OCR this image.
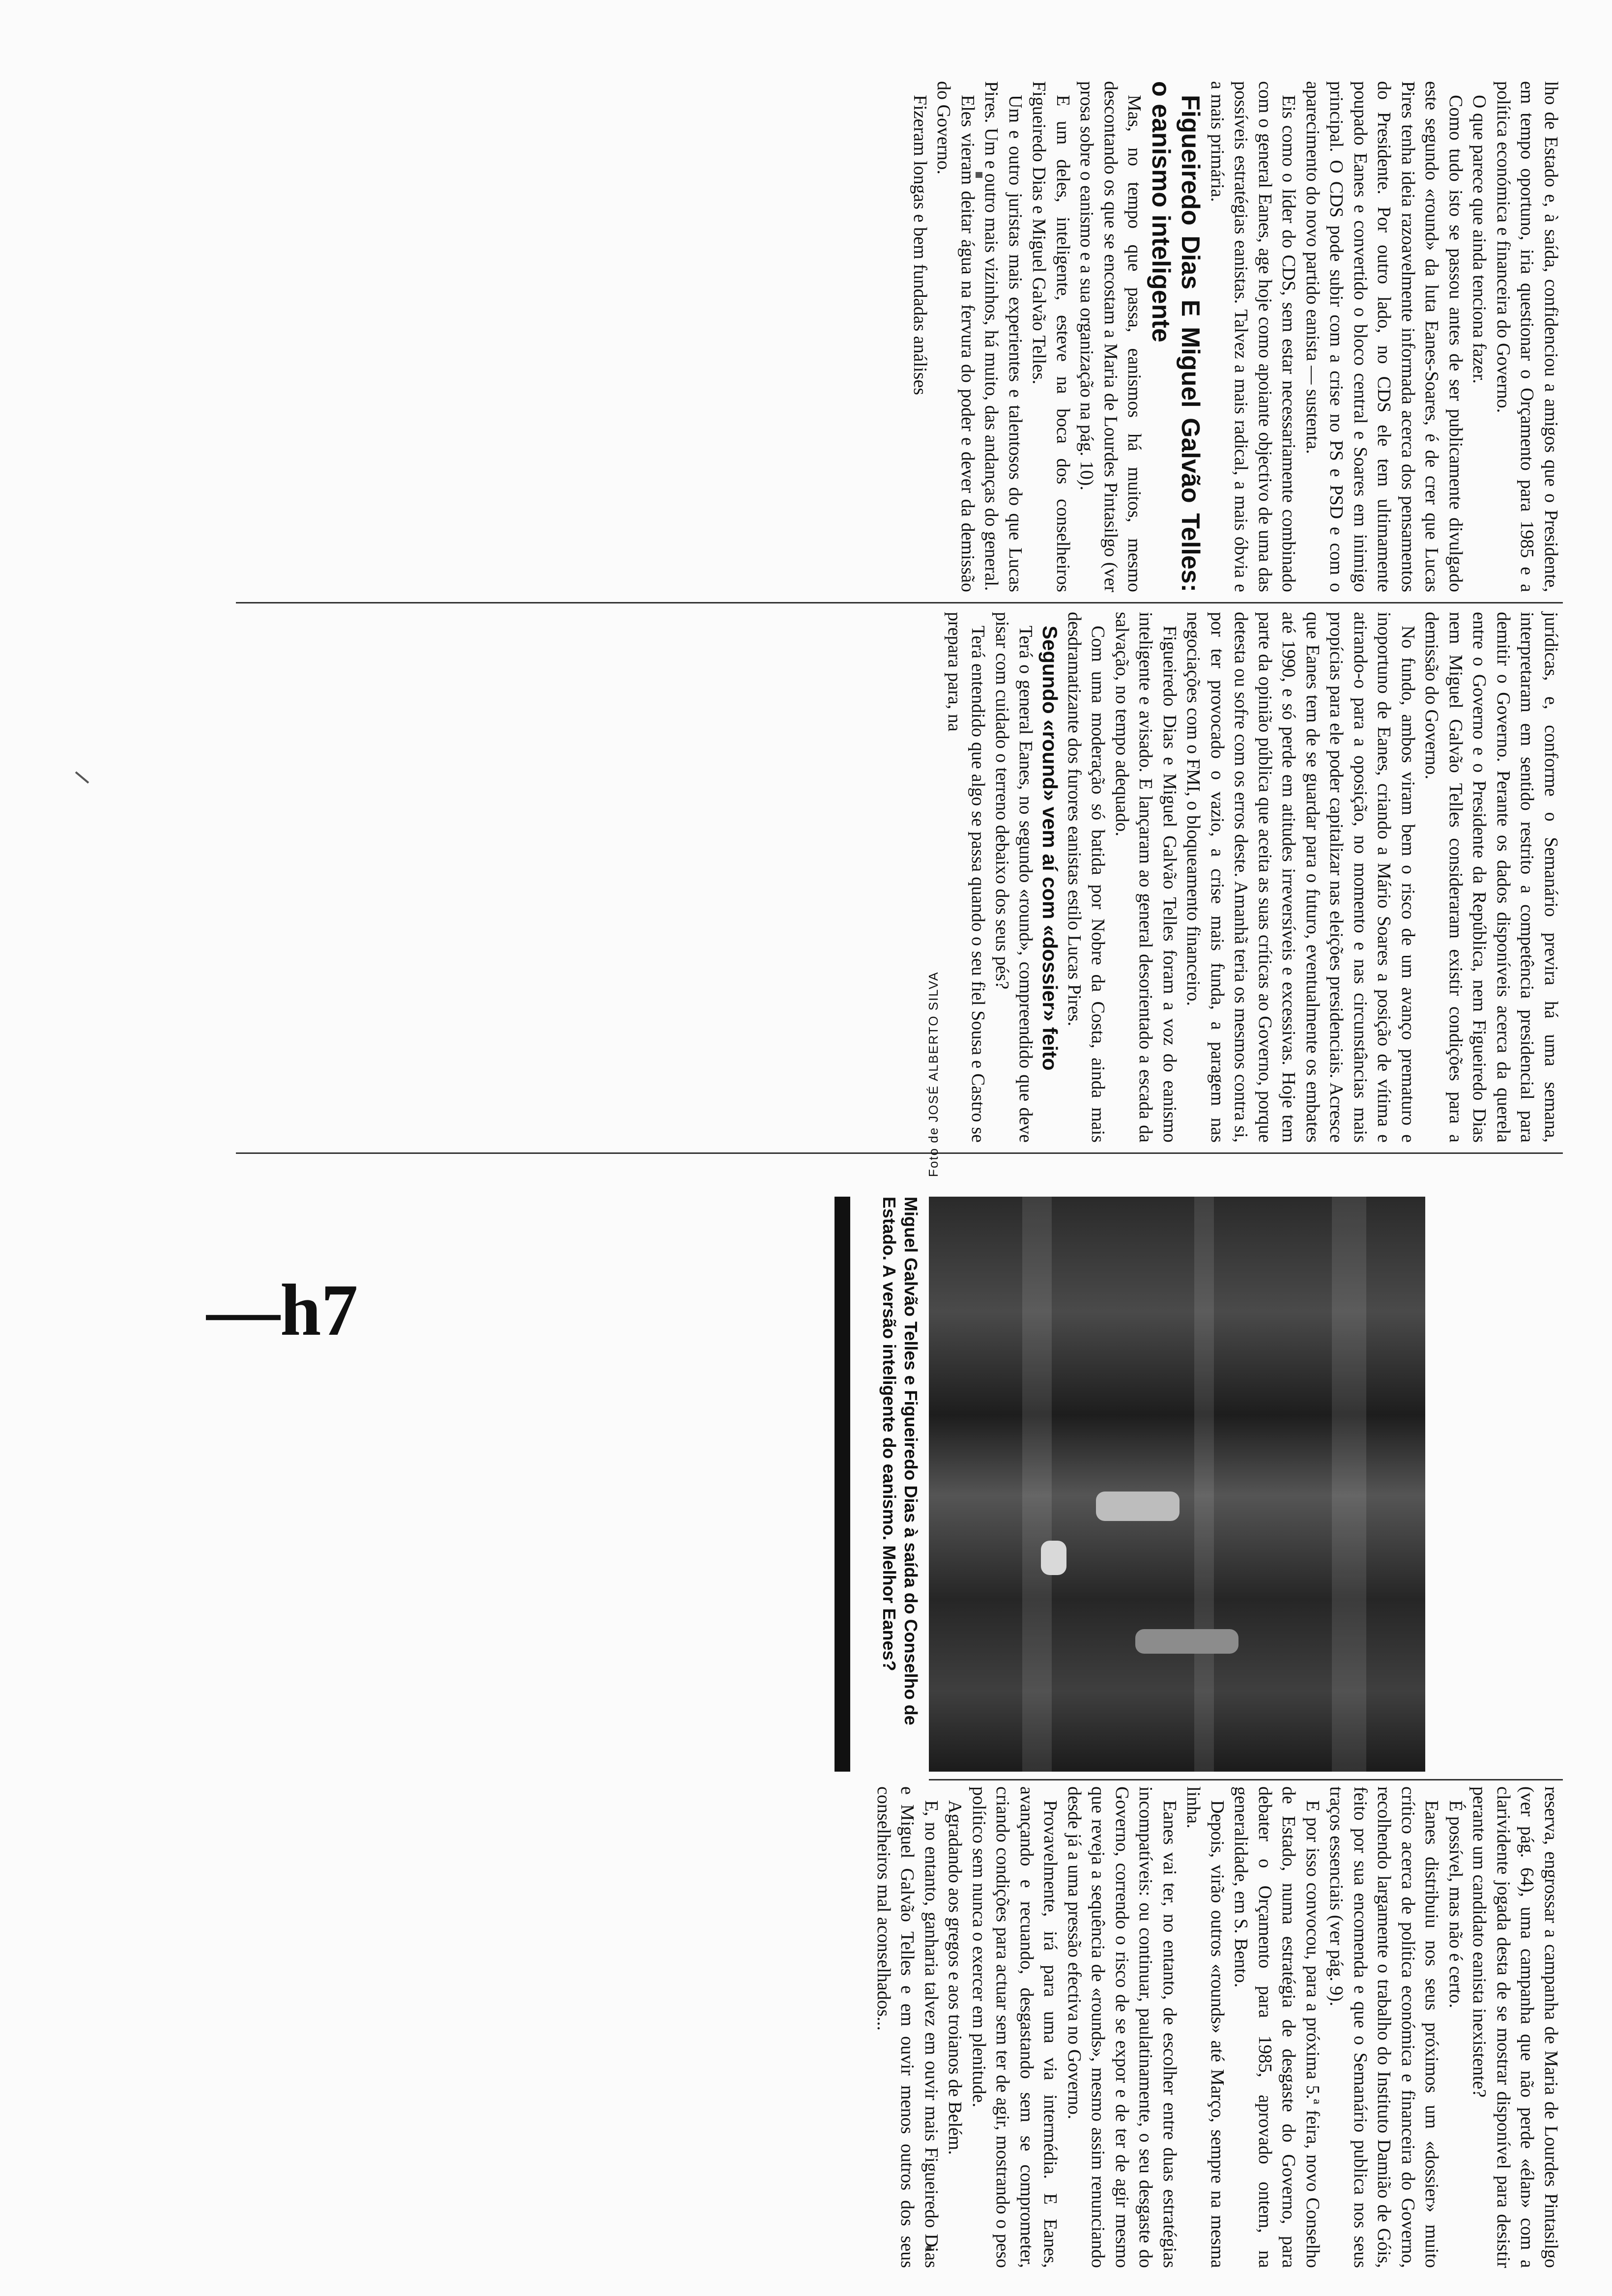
—h7

lho de Estado e, à saída, confidenciou a amigos que o Presidente, em tempo oportuno, iria questionar o Orçamento para 1985 e a política económica e financeira do Governo.

O que parece que ainda tenciona fazer.

Como tudo isto se passou antes de ser publicamente divulgado este segundo «round» da luta Eanes-Soares, é de crer que Lucas Pires tenha ideia razoavelmente informada acerca dos pensamentos do Presidente. Por outro lado, no CDS ele tem ultimamente poupado Eanes e convertido o bloco central e Soares em inimigo principal. O CDS pode subir com a crise no PS e PSD e com o aparecimento do novo partido eanista — sustenta.

Eis como o líder do CDS, sem estar necessariamente combinado com o general Eanes, age hoje como apoiante objectivo de uma das possíveis estratégias eanistas. Talvez a mais radical, a mais óbvia e a mais primária.

Figueiredo Dias E Miguel Galvão Telles: o eanismo inteligente

Mas, no tempo que passa, eanismos há muitos, mesmo descontando os que se encostam a Maria de Lourdes Pintasilgo (ver prosa sobre o eanismo e a sua organização na pág. 10).

E um deles, inteligente, esteve na boca dos conselheiros Figueiredo Dias e Miguel Galvão Telles.

Um e outro juristas mais experientes e talentosos do que Lucas Pires. Um e outro mais vizinhos, há muito, das andanças do general.

Eles vieram deitar água na fervura do poder e dever da demissão do Governo.

Fizeram longas e bem fundadas análises

jurídicas, e, conforme o Semanário previra há uma semana, interpretaram em sentido restrito a competência presidencial para demitir o Governo. Perante os dados disponíveis acerca da querela entre o Governo e o Presidente da República, nem Figueiredo Dias nem Miguel Galvão Telles consideraram existir condições para a demissão do Governo.

No fundo, ambos viram bem o risco de um avanço prematuro e inoportuno de Eanes, criando a Mário Soares a posição de vítima e atirando-o para a oposição, no momento e nas circunstâncias mais propícias para ele poder capitalizar nas eleições presidenciais. Acresce que Eanes tem de se guardar para o futuro, eventualmente os embates até 1990, e só perde em atitudes irreversíveis e excessivas. Hoje tem parte da opinião pública que aceita as suas críticas ao Governo, porque detesta ou sofre com os erros deste. Amanhã teria os mesmos contra si, por ter provocado o vazio, a crise mais funda, a paragem nas negociações com o FMI, o bloqueamento financeiro.

Figueiredo Dias e Miguel Galvão Telles foram a voz do eanismo inteligente e avisado. E lançaram ao general desorientado a escada da salvação, no tempo adequado.

Com uma moderação só batida por Nobre da Costa, ainda mais desdramatizante dos furores eanistas estilo Lucas Pires.

Segundo «round» vem aí com «dossier» feito

Terá o general Eanes, no segundo «round», compreendido que deve pisar com cuidado o terreno debaixo dos seus pés?

Terá entendido que algo se passa quando o seu fiel Sousa e Castro se prepara para, na

Foto de JOSÉ ALBERTO SILVA
Miguel Galvão Telles e Figueiredo Dias à saída do Conselho de Estado. A versão inteligente do eanismo. Melhor Eanes?

reserva, engrossar a campanha de Maria de Lourdes Pintasilgo (ver pág. 64), uma campanha que não perde «élan» com a clarividente jogada desta de se mostrar disponível para desistir perante um candidato eanista inexistente?

É possível, mas não é certo.

Eanes distribuiu nos seus próximos um «dossier» muito crítico acerca de política económica e financeira do Governo, recolhendo largamente o trabalho do Instituto Damião de Góis, feito por sua encomenda e que o Semanário publica nos seus traços essenciais (ver pág. 9).

E por isso convocou, para a próxima 5.ª feira, novo Conselho de Estado, numa estratégia de desgaste do Governo, para debater o Orçamento para 1985, aprovado ontem, na generalidade, em S. Bento.

Depois, virão outros «rounds» até Março, sempre na mesma linha.

Eanes vai ter, no entanto, de escolher entre duas estratégias incompatíveis: ou continuar, paulatinamente, o seu desgaste do Governo, correndo o risco de se expor e de ter de agir mesmo que reveja a sequência de «rounds», mesmo assim renunciando desde já a uma pressão efectiva no Governo.

Provavelmente, irá para uma via intermédia. E Eanes, avançando e recuando, desgastando sem se comprometer, criando condições para actuar sem ter de agir, mostrando o peso político sem nunca o exercer em plenitude.

Agradando aos gregos e aos troianos de Belém.

E, no entanto, ganharia talvez em ouvir mais Figueiredo Dias e Miguel Galvão Telles e em ouvir menos outros dos seus conselheiros mal aconselhados...
